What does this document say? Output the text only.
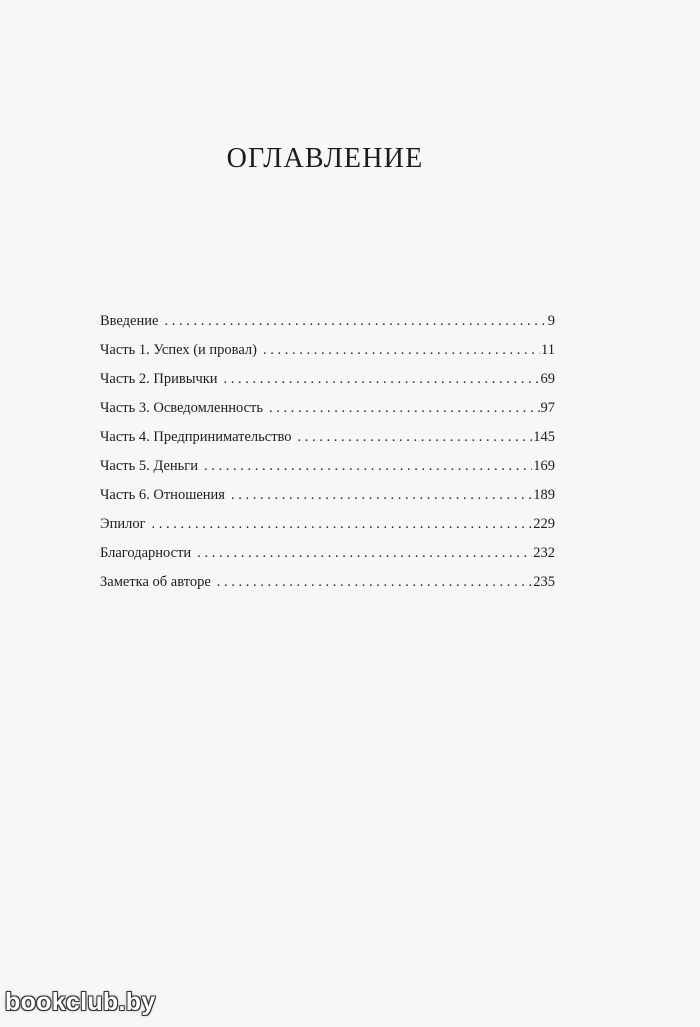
ОГЛАВЛЕНИЕ
Введение . . .	9
Часть 1. Успех (и провал) . . .	11
Часть 2. Привычки . . .	69
Часть 3. Осведомленность . . .	97
Часть 4. Предпринимательство . . .	145
Часть 5. Деньги . . .	169
Часть 6. Отношения . . .	189
Эпилог . . .	229
Благодарности . . .	232
Заметка об авторе . . .	235
bookclub.by
